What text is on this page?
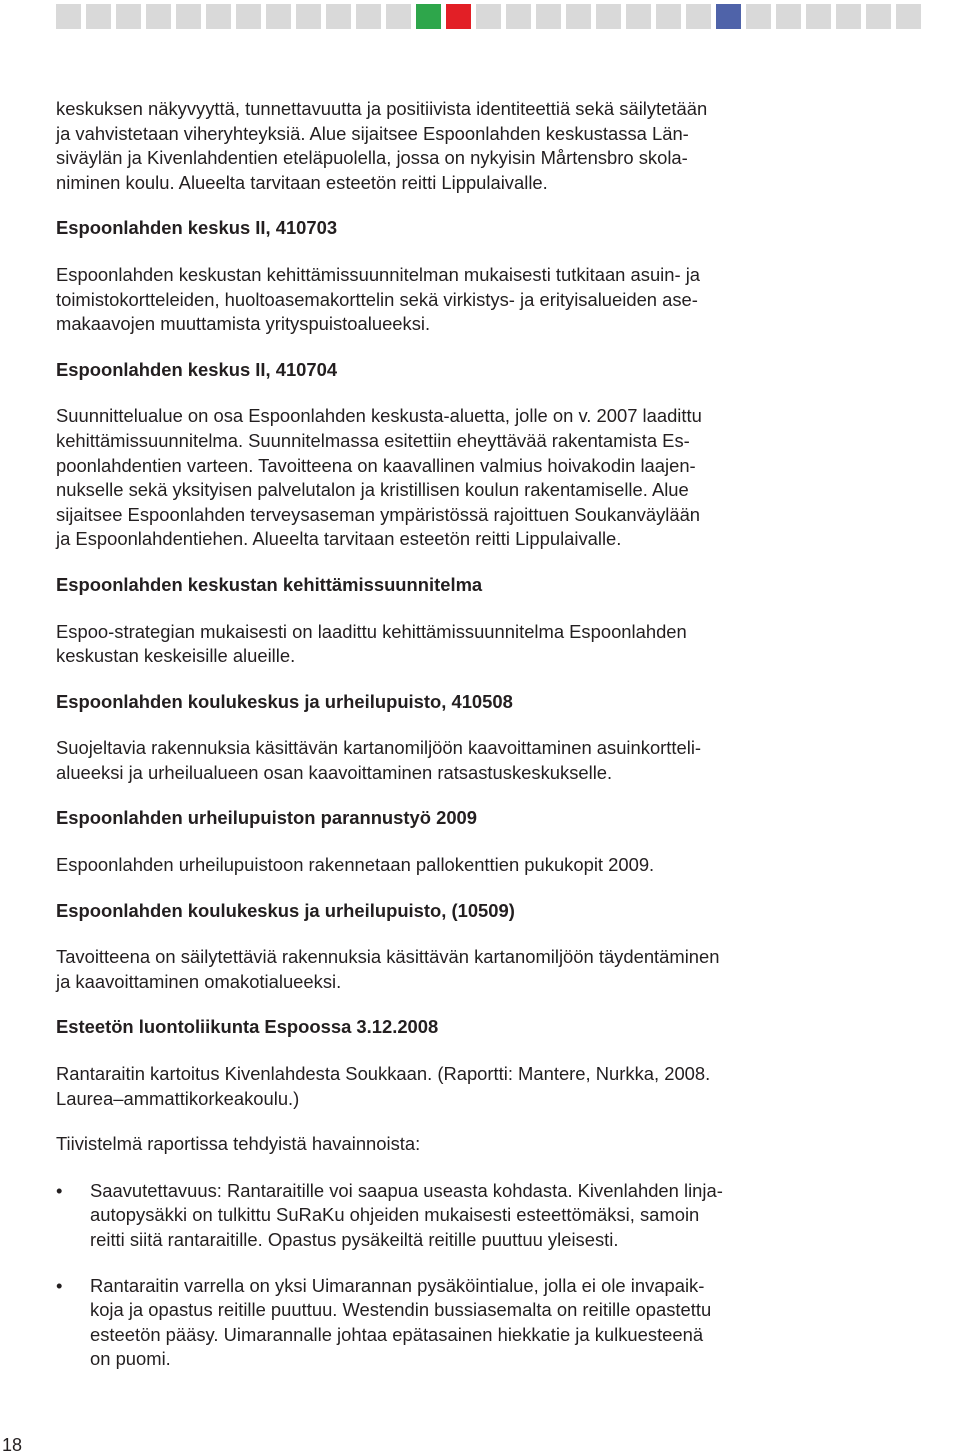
keskuksen näkyvyyttä, tunnettavuutta ja positiivista identiteettiä sekä säilytetään
ja vahvistetaan viheryhteyksiä. Alue sijaitsee Espoonlahden keskustassa Län-
siväylän ja Kivenlahdentien eteläpuolella, jossa on nykyisin Mårtensbro skola-
niminen koulu. Alueelta tarvitaan esteetön reitti Lippulaivalle.

Espoonlahden keskus II, 410703

Espoonlahden keskustan kehittämissuunnitelman mukaisesti tutkitaan asuin- ja
toimistokortteleiden, huoltoasemakorttelin sekä virkistys- ja erityisalueiden ase-
makaavojen muuttamista yrityspuistoalueeksi.

Espoonlahden keskus II, 410704

Suunnittelualue on osa Espoonlahden keskusta-aluetta, jolle on v. 2007 laadittu
kehittämissuunnitelma. Suunnitelmassa esitettiin eheyttävää rakentamista Es-
poonlahdentien varteen. Tavoitteena on kaavallinen valmius hoivakodin laajen-
nukselle sekä yksityisen palvelutalon ja kristillisen koulun rakentamiselle. Alue
sijaitsee Espoonlahden terveysaseman ympäristössä rajoittuen Soukanväylään
ja Espoonlahdentiehen. Alueelta tarvitaan esteetön reitti Lippulaivalle.

Espoonlahden keskustan kehittämissuunnitelma

Espoo-strategian mukaisesti on laadittu kehittämissuunnitelma Espoonlahden
keskustan keskeisille alueille.

Espoonlahden koulukeskus ja urheilupuisto, 410508

Suojeltavia rakennuksia käsittävän kartanomiljöön kaavoittaminen asuinkortteli-
alueeksi ja urheilualueen osan kaavoittaminen ratsastuskeskukselle.

Espoonlahden urheilupuiston parannustyö 2009

Espoonlahden urheilupuistoon rakennetaan pallokenttien pukukopit 2009.

Espoonlahden koulukeskus ja urheilupuisto, (10509)

Tavoitteena on säilytettäviä rakennuksia käsittävän kartanomiljöön täydentäminen
ja kaavoittaminen omakotialueeksi.

Esteetön luontoliikunta Espoossa 3.12.2008

Rantaraitin kartoitus Kivenlahdesta Soukkaan. (Raportti: Mantere, Nurkka, 2008.
Laurea–ammattikorkeakoulu.)

Tiivistelmä raportissa tehdyistä havainnoista:

• Saavutettavuus: Rantaraitille voi saapua useasta kohdasta. Kivenlahden linja-
autopysäkki on tulkittu SuRaKu ohjeiden mukaisesti esteettömäksi, samoin
reitti siitä rantaraitille. Opastus pysäkeiltä reitille puuttuu yleisesti.
• Rantaraitin varrella on yksi Uimarannan pysäköintialue, jolla ei ole invapaik-
koja ja opastus reitille puuttuu. Westendin bussiasemalta on reitille opastettu
esteetön pääsy. Uimarannalle johtaa epätasainen hiekkatie ja kulkuesteenä
on puomi.
18
